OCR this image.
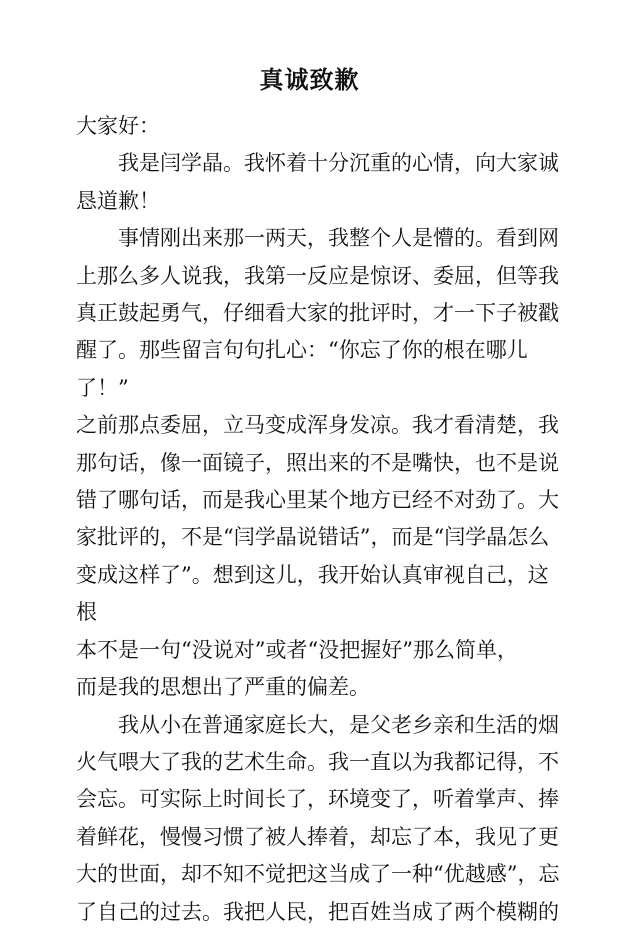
真诚致歉

大家好：

我是闫学晶。我怀着十分沉重的心情，向大家诚
恳道歉！

事情刚出来那一两天，我整个人是懵的。看到网
上那么多人说我，我第一反应是惊讶、委屈，但等我
真正鼓起勇气，仔细看大家的批评时，才一下子被戳
醒了。那些留言句句扎心：“你忘了你的根在哪儿了！”
之前那点委屈，立马变成浑身发凉。我才看清楚，我
那句话，像一面镜子，照出来的不是嘴快，也不是说
错了哪句话，而是我心里某个地方已经不对劲了。大
家批评的，不是“闫学晶说错话”，而是“闫学晶怎么
变成这样了”。想到这儿，我开始认真审视自己，这根
本不是一句“没说对”或者“没把握好”那么简单，
而是我的思想出了严重的偏差。

我从小在普通家庭长大，是父老乡亲和生活的烟
火气喂大了我的艺术生命。我一直以为我都记得，不
会忘。可实际上时间长了，环境变了，听着掌声、捧
着鲜花，慢慢习惯了被人捧着，却忘了本，我见了更
大的世面，却不知不觉把这当成了一种“优越感”，忘
了自己的过去。我把人民，把百姓当成了两个模糊的
